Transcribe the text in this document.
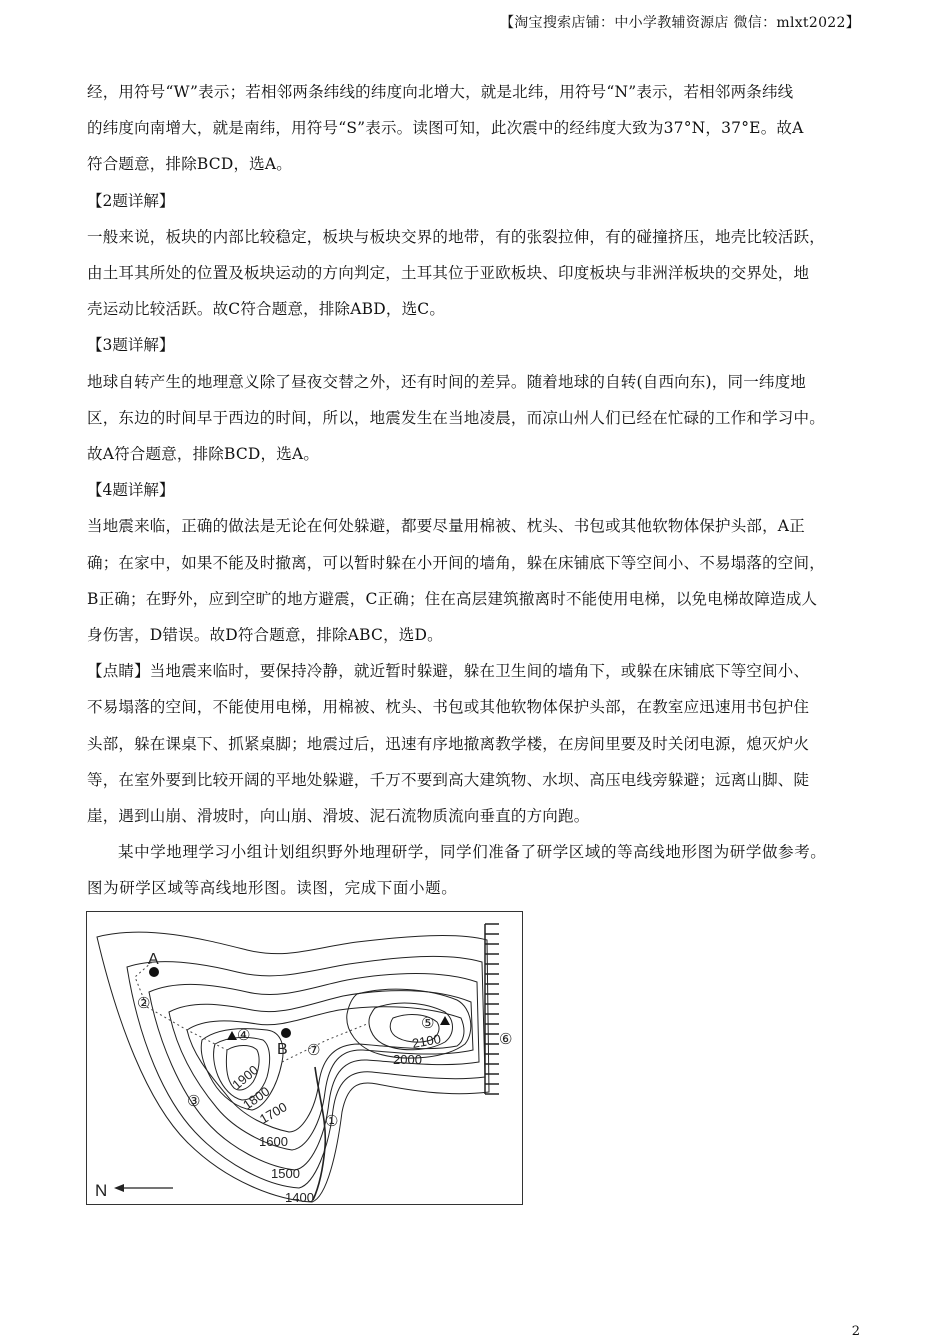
【淘宝搜索店铺：中小学教辅资源店 微信：mlxt2022】
经，用符号“W”表示；若相邻两条纬线的纬度向北增大，就是北纬，用符号“N”表示，若相邻两条纬线
的纬度向南增大，就是南纬，用符号“S”表示。读图可知，此次震中的经纬度大致为37°N，37°E。故A
符合题意，排除BCD，选A。
【2题详解】
一般来说，板块的内部比较稳定，板块与板块交界的地带，有的张裂拉伸，有的碰撞挤压，地壳比较活跃，
由土耳其所处的位置及板块运动的方向判定，土耳其位于亚欧板块、印度板块与非洲洋板块的交界处，地
壳运动比较活跃。故C符合题意，排除ABD，选C。
【3题详解】
地球自转产生的地理意义除了昼夜交替之外，还有时间的差异。随着地球的自转(自西向东)，同一纬度地
区，东边的时间早于西边的时间，所以，地震发生在当地凌晨，而凉山州人们已经在忙碌的工作和学习中。
故A符合题意，排除BCD，选A。
【4题详解】
当地震来临，正确的做法是无论在何处躲避，都要尽量用棉被、枕头、书包或其他软物体保护头部，A正
确；在家中，如果不能及时撤离，可以暂时躲在小开间的墙角，躲在床铺底下等空间小、不易塌落的空间，
B正确；在野外，应到空旷的地方避震，C正确；住在高层建筑撤离时不能使用电梯，以免电梯故障造成人
身伤害，D错误。故D符合题意，排除ABC，选D。
【点睛】当地震来临时，要保持冷静，就近暂时躲避，躲在卫生间的墙角下，或躲在床铺底下等空间小、
不易塌落的空间，不能使用电梯，用棉被、枕头、书包或其他软物体保护头部，在教室应迅速用书包护住
头部，躲在课桌下、抓紧桌脚；地震过后，迅速有序地撤离教学楼，在房间里要及时关闭电源，熄灭炉火
等，在室外要到比较开阔的平地处躲避，千万不要到高大建筑物、水坝、高压电线旁躲避；远离山脚、陡
崖，遇到山崩、滑坡时，向山崩、滑坡、泥石流物质流向垂直的方向跑。
某中学地理学习小组计划组织野外地理研学，同学们准备了研学区域的等高线地形图为研学做参考。
图为研学区域等高线地形图。读图，完成下面小题。
A
B
1400
1500
1600
1700
1800
1900
2000
2100
①
②
③
④
⑤
⑥
⑦
N
2
